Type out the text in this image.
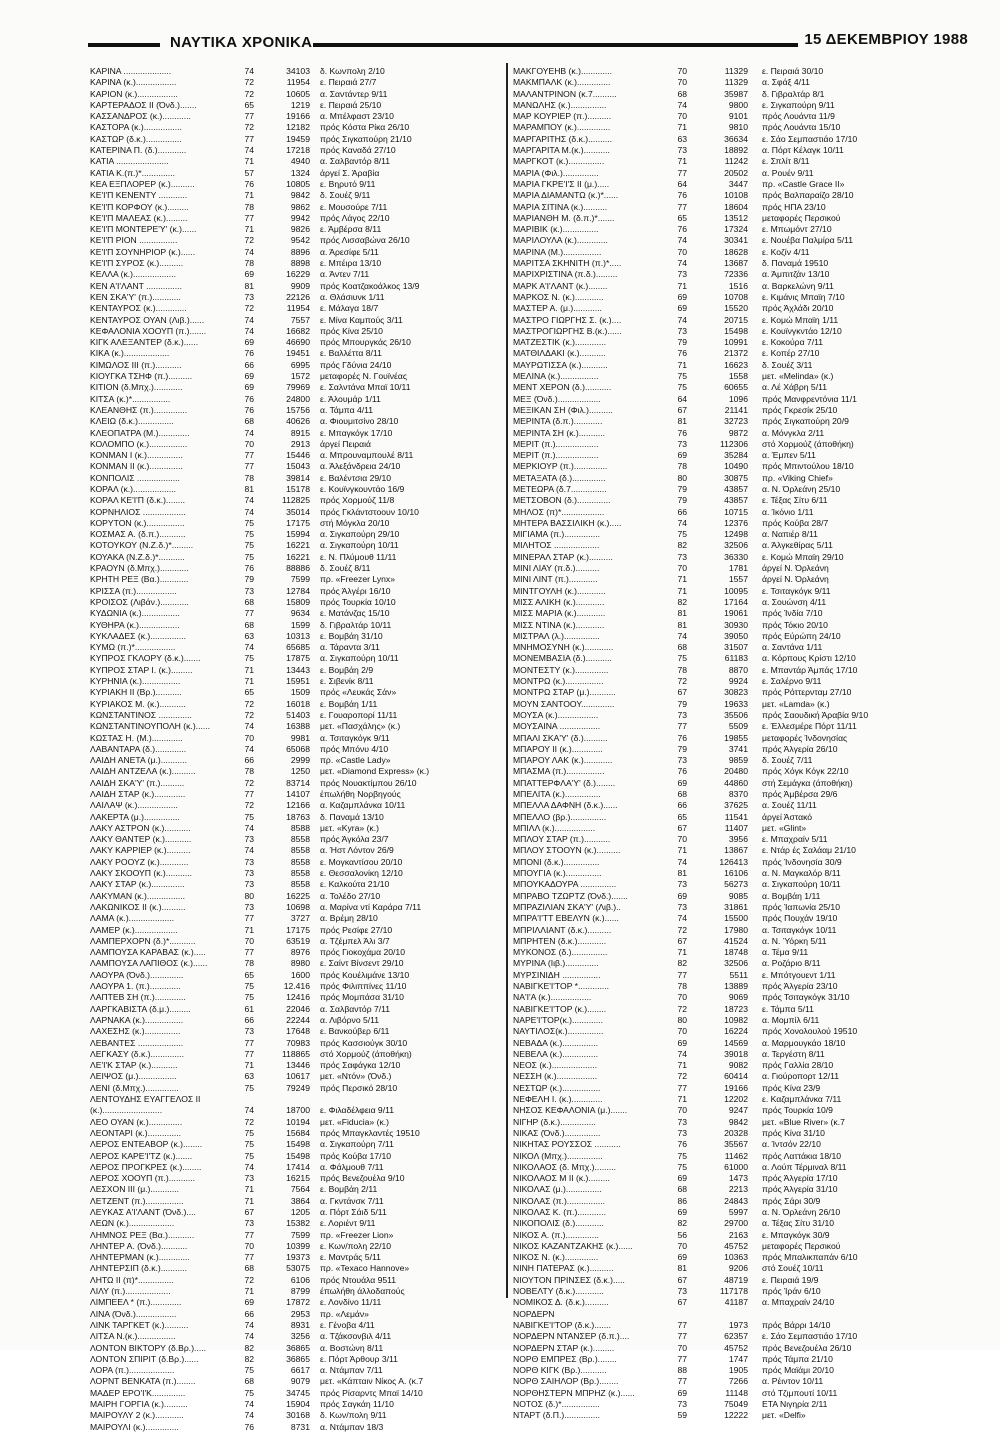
ΝΑΥΤΙΚΑ ΧΡΟΝΙΚΑ	15 ΔΕΚΕΜΒΡΙΟΥ 1988
ΚΑΡΙΝΑ ....................	74	34103 δ. Κωνπολη 2/10
ΚΑΡΙΝΑ (κ.).................	72	11954 ε. Πειραιά 27/7
ΚΑΡΙΟΝ (κ.).................	72	10605 α. Σαντάντερ 9/11
ΚΑΡΤΕΡΑΔΟΣ ΙΙ (Όνδ.).......	65	1219 ε. Πειραιά 25/10
ΚΑΣΣΑΝΔΡΟΣ (κ.)............	77	19166 α. Μπέλφαστ 23/10
ΚΑΣΤΟΡΑ (κ.)................	72	12182 πρός Κόστα Ρίκα 26/10
ΚΑΣΤΩΡ (δ.κ.)...............	77	19459 πρός Σιγκαπούρη 21/10
ΚΑΤΕΡΙΝΑ Π. (δ.)............	74	17218 πρός Καναδά 27/10
ΚΑΤΙΑ ......................	71	4940 α. Σαλβαντόρ 8/11
ΚΑΤΙΑ Κ.(π.)*..............	57	1324 άργεί Σ. Άραβία
ΚΕΑ ΕΞΠΛΟΡΕΡ (κ.)..........	76	10805 ε. Βηρυτό 9/11
ΚΕ'Ι'Π ΚΕΝΕΝΤΥ ............	71	9842 δ. Σουέζ 9/11
ΚΕ'Ι'Π ΚΟΡΦΟΥ (κ.).........	78	9862 ε. Μουσούρε 7/11
ΚΕ'Ι'Π ΜΑΛΕΑΣ (κ.).........	77	9942 πρός Λάγος 22/10
ΚΕ'Ι'Π ΜΟΝΤΕΡΕ'Υ' (κ.)......	71	9826 ε. Άμβέρσα 8/11
ΚΕ'Ι'Π ΡΙΟΝ ................	72	9542 πρός Λισσαβώνα 26/10
ΚΕ'Ι'Π ΣΟΥΝΗΡΙΟΡ (κ.)......	74	8896 α. Άρεσίφε 5/11
ΚΕ'Ι'Π ΣΥΡΟΣ (κ.)..........	78	8898 ε. Μπέιρα 13/10
ΚΕΛΛΑ (κ.)..................	69	16229 α. Άντεν 7/11
ΚΕΝ Α'Ι'ΛΑΝΤ ...............	81	9909 πρός Κοατζακοάλκος 13/9
ΚΕΝ ΣΚΑ'Υ' (π.)............	73	22126 α. Θλάσιυνκ 1/11
ΚΕΝΤΑΥΡΟΣ (κ.).............	72	11954 ε. Μάλαγα 18/7
ΚΕΝΤΑΥΡΟΣ ΟΥΑΝ (Λιβ.)......	74	7557 ε. Μίνα Καμπούς 3/11
ΚΕΦΑΛΟΝΙΑ ΧΟΟΥΠ (π.).......	74	16682 πρός Κίνα 25/10
ΚΙΓΚ ΑΛΕΞΑΝΤΕΡ (δ.κ.)......	69	46690 πρός Μπουργκάς 26/10
ΚΙΚΑ (κ.)...................	76	19451 ε. Βαλλέττα 8/11
ΚΙΜΩΛΟΣ ΙΙΙ (π.)...........	66	6995 πρός Γδύνια 24/10
ΚΙΟΥΓΚΑ ΤΣΗΦ (π.)..........	69	1572 μεταφορές Ν. Γουϊνέας
ΚΙΤΙΟΝ (δ.Μπχ.)............	69	79969 ε. Σαλντάνα Μπαϊ 10/11
ΚΙΤΣΑ (κ.)*................	76	24800 ε. Άλουμάρ 1/11
ΚΛΕΑΝΘΗΣ (π.)..............	76	15756 α. Τάμπα 4/11
ΚΛΕΙΩ (δ.κ.)...............	68	40626 α. Φιουμιτσίνο 28/10
ΚΛΕΟΠΑΤΡΑ (Μ.).............	74	8915 ε. Μπαγκόγκ 17/10
ΚΟΛΟΜΠΟ (κ.)................	70	2913 άργεί Πειραιά
ΚΟΝΜΑΝ Ι (κ.)...............	77	15446 α. Μπρουναμπουλέ 8/11
ΚΟΝΜΑΝ ΙΙ (κ.)..............	77	15043 α. Άλεξάνδρεια 24/10
ΚΟΝΠΟΛΙΣ ..................	78	39814 ε. Βαλέντσια 29/10
ΚΟΡΑΛ (κ.)..................	81	15178 ε. Κουϊνγκουντάο 16/9
ΚΟΡΑΛ ΚΕ'Ι'Π (δ.κ.)........	74	112825 πρός Χορμούζ 11/8
ΚΟΡΝΗΛΙΟΣ ..................	74	35014 πρός Γκλάντστοουν 10/10
ΚΟΡΥΤΟΝ (κ.)................	75	17175 στή Μόγκλα 20/10
ΚΟΣΜΑΣ Α. (δ.π.)...........	75	15994 α. Σιγκαπούρη 29/10
ΚΟΤΟΥΚΟΥ (Ν.Ζ.δ.)*.........	75	16221 α. Σιγκαπούρη 10/11
ΚΟΥΑΚΑ (Ν.Ζ.δ.)*...........	75	16221 ε. Ν. Πλύμουθ 11/11
ΚΡΑΟΥΝ (δ.Μπχ.)............	76	88886 δ. Σουέζ 8/11
ΚΡΗΤΗ ΡΕΞ (Βα.)............	79	7599 πρ. «Freezer Lynx»
ΚΡΙΣΣΑ (π.).................	73	12784 πρός Άλγέρι 16/10
ΚΡΟΙΣΟΣ (Λιβάν.)............	68	15809 πρός Τουρκία 10/10
ΚΥΔΩΝΙΑ (κ.)................	77	9634 ε. Ματάνζας 15/10
ΚΥΘΗΡΑ (κ.).................	68	1599 δ. Γιβραλτάρ 10/11
ΚΥΚΛΑΔΕΣ (κ.)...............	63	10313 ε. Βομβάη 31/10
ΚΥΜΩ (π.)*.................	74	65685 α. Τάραντα 3/11
ΚΥΠΡΟΣ ΓΚΛΟΡΥ (δ.κ.).......	75	17875 α. Σιγκαπούρη 10/11
ΚΥΠΡΟΣ ΣΤΑΡ Ι. (κ.).........	71	13443 ε. Βομβάη 2/9
ΚΥΡΗΝΙΑ (κ.)................	71	15951 ε. Σιβενίκ 8/11
ΚΥΡΙΑΚΗ ΙΙ (Βρ.)...........	65	1509 πρός «Λευκάς Σάν»
ΚΥΡΙΑΚΟΣ Μ. (κ.)...........	72	16018 ε. Βομβάη 1/11
ΚΩΝΣΤΑΝΤΙΝΟΣ ..............	72	51403 ε. Γουαροπορί 11/11
ΚΩΝΣΤΑΝΤΙΝΟΥΠΟΛΗ (κ.)......	74	16388 μετ. «Πασχάλης» (κ.)
ΚΩΣΤΑΣ Η. (Μ.).............	70	9981 α. Τσιταγκόγκ 9/11
ΛΑΒΑΝΤΑΡΑ (δ.).............	74	65068 πρός Μπόνυ 4/10
ΛΑΙΔΗ ΑΝΕΤΑ (μ.)...........	66	2999 πρ. «Castle Lady»
ΛΑΙΔΗ ΑΝΤΖΕΛΑ (κ.)..........	78	1250 μετ. «Diamond Express» (κ.)
ΛΑΙΔΗ ΣΚΑ'Υ' (π.)..........	72	83714 πρός Νουακτίμπου 26/10
ΛΑΙΔΗ ΣΤΑΡ (κ.).............	77	14107 έπωλήθη Νορβηγούς
ΛΑΙΛΑΨ (κ.).................	72	12166 α. Καζαμπλάνκα 10/11
ΛΑΚΕΡΤΑ (μ.)...............	75	18763 δ. Παναμά 13/10
ΛΑΚΥ ΑΣΤΡΟΝ (κ.)...........	74	8588 μετ. «Κyra» (κ.)
ΛΑΚΥ ΘΑΝΤΕΡ (κ.)...........	73	8558 πρός Άγκόλα 23/7
ΛΑΚΥ ΚΑΡΡΙΕΡ (κ.)..........	74	8558 α. Ήστ Λόντον 26/9
ΛΑΚΥ ΡΟΟΥΖ (κ.)............	73	8558 ε. Μογκαντίσου 20/10
ΛΑΚΥ ΣΚΟΟΥΠ (κ.)...........	73	8558 ε. Θεσσαλονίκη 12/10
ΛΑΚΥ ΣΤΑΡ (κ.)..............	73	8558 ε. Καλκούτα 21/10
ΛΑΚΥΜΑΝ (κ.)................	80	16225 α. Τολέδο 27/10
ΛΑΚΩΝΙΚΟΣ ΙΙ (κ.)..........	73	10698 α. Μαρίνα ντί Καράρα 7/11
ΛΑΜΑ (κ.)...................	77	3727 α. Βρέμη 28/10
ΛΑΜΕΡ (κ.)..................	71	17175 πρός Ρεσίφε 27/10
ΛΑΜΠΕΡΧΟΡΝ (δ.)*...........	70	63519 α. Τζέμπελ Άλι 3/7
ΛΑΜΠΟΥΣΑ ΚΑΡΑΒΑΣ (κ.).....	77	8976 πρός Γιοκοχάμα 20/10
ΛΑΜΠΟΥΣΑ ΛΑΠΙΘΟΣ (κ.)......	78	8980 ε. Σαίντ Βίνσεντ 29/10
ΛΑΟΥΡΑ (Όνδ.)..............	65	1600 πρός Κουέλιμάνε 13/10
ΛΑΟΥΡΑ 1. (π.).............	75	12.416 πρός Φιλιππίνες 11/10
ΛΑΠΤΕΒ ΣΗ (π.).............	75	12416 πρός Μομπάσα 31/10
ΛΑΡΓΚΑΒΙΣΤΑ (δ.μ.).........	61	22046 α. Σαλβαντόρ 7/11
ΛΑΡΝΑΚΑ (κ.)................	66	22244 α. Λιβόρνο 5/11
ΛΑΧΕΣΗΣ (κ.)...............	73	17648 ε. Βανκούβερ 6/11
ΛΕΒΑΝΤΕΣ ...................	77	70983 πρός Κασσιούγκ 30/10
ΛΕΓΚΑΣΥ (δ.κ.)..............	77	118865 στό Χορμούζ (άποθήκη)
ΛΕ'Ι'Κ ΣΤΑΡ (κ.)...........	71	13446 πρός Σαφάγκα 12/10
ΛΕΙΨΟΣ (μ.)................	63	10617 μετ. «Ντόν» (Όνδ.)
ΛΕΝΙ (δ.Μπχ.)..............	75	79249 πρός Περσικό 28/10
ΛΕΝΤΟΥΔΗΣ ΕΥΑΓΓΕΛΟΣ ΙΙ
(κ.).........................	74	18700 ε. Φιλαδέλφεια 9/11
ΛΕΟ ΟΥΑΝ (κ.)..............	72	10194 μετ. «Fiducia» (κ.)
ΛΕΟΝΤΑΡΙ (κ.)..............	75	15684 πρός Μπαγκλαντές 19510
ΛΕΡΟΣ ΕΝΤΕΑΒΟΡ (κ.)........	75	15498 α. Σιγκαπούρη 7/11
ΛΕΡΟΣ ΚΑΡΕ'Ι'ΤΖ (κ.).......	75	15498 πρός Κούβα 17/10
ΛΕΡΟΣ ΠΡΟΓΚΡΕΣ (κ.)........	74	17414 α. Φάλμουθ 7/11
ΛΕΡΟΣ ΧΟΟΥΠ (π.)...........	73	16215 πρός Βενεζουέλα 9/10
ΛΕΣΧΟΝ ΙΙΙ (μ.)............	71	7564 ε. Βομβάη 2/11
ΛΕΤΖΕΝΤ (π.)................	71	3864 α. Γκντάνσκ 7/11
ΛΕΥΚΑΣ Α'Ι'ΛΑΝΤ (Όνδ.)....	67	1205 α. Πόρτ Σάιδ 5/11
ΛΕΩΝ (κ.)...................	73	15382 ε. Λοριέντ 9/11
ΛΗΜΝΟΣ ΡΕΞ (Βα.)...........	77	7599 πρ. «Freezer Lion»
ΛΗΝΤΕΡ Α. (Όνδ.)...........	70	10399 ε. Κων/πολη 22/10
ΛΗΝΤΕΡΜΑΝ (κ.).............	77	19373 ε. Μαντράς 5/11
ΛΗΝΤΕΡΣΙΠ (δ.κ.)...........	68	53075 πρ. «Texaco Hannove»
ΛΗΤΩ ΙΙ (π)*...............	72	6106 πρός Ντουάλα 9511
ΛΙΛΥ (π.)...................	71	8799 έπωλήθη άλλοδαπούς
ΛΙΜΠΕΕΛ * (π.).............	69	17872 ε. Λονδίνο 11/11
ΛΙΝΑ (Όνδ.).................	66	2953 πρ. «Λεμάν»
ΛΙΝΚ ΤΑΡΓΚΕΤ (κ.)..........	74	8931 ε. Γένοβα 4/11
ΛΙΤΣΑ Ν.(κ.)................	74	3256 α. Τζάκσονβιλ 4/11
ΛΟΝΤΟΝ ΒΙΚΤΟΡΥ (δ.Βρ.).....	82	36865 α. Βοστώνη 8/11
ΛΟΝΤΟΝ ΣΠΙΡΙΤ (δ.Βρ.)......	82	36865 ε. Πόρτ Άρθουρ 3/11
ΛΟΡΑ (π.)...................	75	6617 α. Ντάμπαν 7/11
ΛΟΡΝΤ ΒΕΝΚΑΤΑ (π.)........	68	9079 μετ. «Κάπταιν Νίκος Α. (κ.7
ΜΑΔΕΡ ΕΡΟ'Ι'Κ..............	75	34745 πρός Ρίσαρντς Μπαϊ 14/10
ΜΑΙΡΗ ΓΟΡΓΙΑ (κ.)..........	74	15904 πρός Σαγκάη 11/10
ΜΑΙΡΟΥΛΥ 2 (κ.)............	74	30168 δ. Κων/πολη 9/11
ΜΑΙΡΟΥΛΙ (κ.)..............	76	8731 α. Ντάμπαν 18/3
ΜΑΚΓΟΥΕΗΒ (κ.).............	70	11329 ε. Πειραιά 30/10
ΜΑΚΜΠΑΛΚ (κ.)..............	70	11329 α. Σφάξ 4/11
ΜΑΛΑΝΤΡΙΝΟΝ (κ.7..........	68	35987 δ. Γιβραλτάρ 8/1
ΜΑΝΩΛΗΣ (κ.)...............	74	9800 ε. Σιγκαπούρη 9/11
ΜΑΡ ΚΟΥΡΙΕΡ (π.)..........	70	9101 πρός Λουάντα 11/9
ΜΑΡΑΜΠΟΥ (κ.)..............	71	9810 πρός Λουάντα 15/10
ΜΑΡΓΑΡΙΤΗΣ (δ.κ.)..........	63	36634 ε. Σάο Σεμπαστιάο 17/10
ΜΑΡΓΑΡΙΤΑ Μ.(κ.)...........	73	18892 α. Πόρτ Κέλαγκ 10/11
ΜΑΡΓΚΟΤ (κ.)...............	71	11242 ε. Σπλίτ 8/11
ΜΑΡΙΑ (Φιλ.)...............	77	20502 α. Ρουέν 9/11
ΜΑΡΙΑ ΓΚΡΕ'Ι'Σ ΙΙ (μ.).....	64	3447 πρ. «Castle Grace II»
ΜΑΡΙΑ ΔΙΑΜΑΝΤΩ (κ.)*......	76	10108 πρός Βαλπαραίζο 28/10
ΜΑΡΙΑ ΣΙΤΙΝΑ (κ.)..........	77	18604 πρός ΗΠΑ 23/10
ΜΑΡΙΑΝΘΗ Μ. (δ.π.)*.......	65	13512 μεταφορές Περσικού
ΜΑΡΙΒΙΚ (κ.)...............	76	17324 ε. Μπωμόντ 27/10
ΜΑΡΙΛΟΥΛΑ (κ.).............	74	30341 ε. Νουέβα Παλμίρα 5/11
ΜΑΡΙΝΑ (Μ.)................	70	18628 ε. Κοζίν 4/11
ΜΑΡΙΤΣΑ ΣΚΗΝΙΤΗ (π.)*.....	74	13687 δ. Παναμά 19510
ΜΑΡΙΧΡΙΣΤΙΝΑ (π.δ.).........	73	72336 α. Άμπιτζάν 13/10
ΜΑΡΚ Α'Ι'ΛΑΝΤ (κ.)........	71	1516 α. Βαρκελώνη 9/11
ΜΑΡΚΟΣ Ν. (κ.)............	69	10708 ε. Κιμάνις Μπαϊη 7/10
ΜΑΣΤΕΡ Α. (μ.)............	69	15520 πρός Άχλάδι 20/10
ΜΑΣΤΡΟ ΓΙΩΡΓΗΣ Σ. (κ.)....	74	20715 ε. Κομώ Μπαϊη 1/11
ΜΑΣΤΡΟΓΙΩΡΓΗΣ Β.(κ.)......	73	15498 ε. Κουϊνγκντάο 12/10
ΜΑΤΖΕΣΤΙΚ (κ.).............	79	10991 ε. Κοκούρα 7/11
ΜΑΤΘΙΛΔΑΚΙ (κ.)...........	76	21372 ε. Κοπέρ 27/10
ΜΑΥΡΩΤΙΣΣΑ (κ.)...........	71	16623 δ. Σουέζ 3/11
ΜΕΛΙΝΑ (κ.)................	75	1558 μετ. «Melinda» (κ.)
ΜΕΝΤ ΧΕΡΟΝ (δ.)...........	75	60655 α. Λέ Χάβρη 5/11
ΜΕΞ (Όνδ.)..................	64	1096 πρός Μανφρεντόνια 11/1
ΜΕΞΙΚΑΝ ΣΗ (Φιλ.)..........	67	21141 πρός Γκρεσίκ 25/10
ΜΕΡΙΝΤΑ (δ.π.)............	81	32723 πρός Σιγκαπούρη 20/9
ΜΕΡΙΝΤΑ ΣΗ (κ.)...........	76	9872 α. Μόνγκλα 2/11
ΜΕΡΙΤ (π.)..................	73	112306 στό Χορμούζ (άποθήκη)
ΜΕΡΙΤ (π.)..................	69	35284 α. Έμπεν 5/11
ΜΕΡΚΙΟΥΡ (π.)..............	78	10490 πρός Μπιντούλου 18/10
ΜΕΤΑΞΑΤΑ (δ.)..............	80	30875 πρ. «Viking Chief»
ΜΕΤΕΩΡΑ (δ.7...............	79	43857 α. Ν. Όρλεάνη 25/10
ΜΕΤΣΟΒΟΝ (δ.)..............	79	43857 ε. Τέξας Σίτυ 6/11
ΜΗΛΟΣ (π)*..................	66	10715 α. Ίκόνιο 1/11
ΜΗΤΕΡΑ ΒΑΣΣΙΛΙΚΗ (κ.).....	74	12376 πρός Κούβα 28/7
ΜΙΓΙΑΜΑ (π.)...............	75	12498 α. Ναπιέρ 8/11
ΜΙΛΗΤΟΣ ...................	82	32506 α. Άλγκεθίρας 5/11
ΜΙΝΕΡΑΛ ΣΤΑΡ (κ.)..........	73	36330 ε. Κομώ Μπαϊη 29/10
ΜΙΝΙ ΛΙΑΥ (π.δ.)..........	70	1781 άργεί Ν. Όρλεάνη
ΜΙΝΙ ΛΙΝΤ (π.)............	71	1557 άργεί Ν. Όρλεάνη
ΜΙΝΤΓΟΥΛΗ (κ.)............	71	10095 ε. Τσιταγκόγκ 9/11
ΜΙΣΣ ΑΛΙΚΗ (κ.)............	82	17164 α. Σουώνση 4/11
ΜΙΣΣ ΜΑΡΙΑ (κ.)............	81	19061 πρός Ίνδία 7/10
ΜΙΣΣ ΝΤΙΝΑ (κ.)............	81	30930 πρός Τόκιο 20/10
ΜΙΣΤΡΑΛ (λ.)...............	74	39050 πρός Εύρώπη 24/10
ΜΝΗΜΟΣΥΝΗ (κ.)............	68	31507 α. Σαντάνα 1/11
ΜΟΝΕΜΒΑΣΙΑ (δ.)...........	75	61183 α. Κόρπους Κρίστι 12/10
ΜΟΝΤΕΣΤΥ (κ.)..............	78	8870 ε. Μπαντάρ Άμπάς 17/10
ΜΟΝΤΡΩ (κ.)................	72	9924 ε. Σαλέρνο 9/11
ΜΟΝΤΡΩ ΣΤΑΡ (μ.)...........	67	30823 πρός Ρόττερνταμ 27/10
ΜΟΥΝ ΣΑΝΤΟΟΥ..............	79	19633 μετ. «Lamda» (κ.)
ΜΟΥΣΑ (κ.).................	73	35506 πρός Σαουδική Άραβία 9/10
ΜΟΥΣΑΙΝΑ .................	77	5509 ε. Έλλεσμέρε Πόρτ 11/11
ΜΠΑΛΙ ΣΚΑ'Υ' (δ.)..........	76	19855 μεταφορές Ίνδονησίας
ΜΠΑΡΟΥ ΙΙ (κ.).............	79	3741 πρός Άλγερία 26/10
ΜΠΑΡΟΥ ΛΑΚ (κ.)............	73	9859 δ. Σουέζ 7/11
ΜΠΑΣΜΑ (π.)................	76	20480 πρός Χόγκ Κόγκ 22/10
ΜΠΑΤΤΕΡΦΛΑ'Υ' (δ.)........	69	44860 στή Σεμάγκα (άποθήκη)
ΜΠΕΛΙΤΑ (κ.)...............	68	8370 πρός Άμβέρσα 29/6
ΜΠΕΛΛΑ ΔΑΦΝΗ (δ.κ.)......	66	37625 α. Σουέζ 11/11
ΜΠΕΛΛΟ (βρ.)...............	65	11541 άργεί Άστακό
ΜΠΙΛΛ (κ.).................	67	11407 μετ. «Glint»
ΜΠΛΟΥ ΣΤΑΡ (π.)...........	70	3956 ε. Μπαχραίν 5/11
ΜΠΛΟΥ ΣΤΟΟΥΝ (κ.)..........	71	13867 ε. Ντάρ ές Σαλάαμ 21/10
ΜΠΟΝΙ (δ.κ.)...............	74	126413 πρός Ίνδονησία 30/9
ΜΠΟΥΓΙΑ (κ.)...............	81	16106 α. Ν. Μαγκαλόρ 8/11
ΜΠΟΥΚΑΔΟΥΡΑ ...............	73	56273 α. Σιγκαπούρη 10/11
ΜΠΡΑΒΟ ΤΖΩΡΤΖ (Όνδ.).......	69	9085 α. Βομβάη 1/11
ΜΠΡΑΖΙΛΙΑΝ ΣΚΑ'Υ' (Λιβ.)..	73	31861 πρός Ίαπωνία 25/10
ΜΠΡΑ'Ι'ΤΤ ΕΒΕΛΥΝ (κ.)......	74	15500 πρός Πουχάν 19/10
ΜΠΡΙΛΛΙΑΝΤ (δ.κ.)..........	72	17980 α. Τσιταγκόγκ 10/11
ΜΠΡΗΤΕΝ (δ.κ.)............	67	41524 α. Ν. Ύόρκη 5/11
ΜΥΚΟΝΟΣ (δ.)...............	71	18748 α. Τέμα 9/11
ΜΥΡΙΝΑ (Ιιβ.)..............	82	32506 α. Ροζάριο 8/11
ΜΥΡΣΙΝΙΔΗ ................	77	5511 ε. Μπότγουεντ 1/11
ΝΑΒΙΓΚΕ'Ι'ΤΟΡ *.............	78	13889 πρός Άλγερία 23/10
ΝΑ'Ι'Α (κ.).................	70	9069 πρός Τσιταγκόγκ 31/10
ΝΑΒΙΓΚΕ'Ι'ΤΟΡ (κ.)........	72	18723 ε. Τάμπα 5/11
ΝΑΡΕ'Ι'ΤΟΡ(κ.).............	80	10982 α. Μομπίλ 6/11
ΝΑΥΤΙΛΟΣ(κ.)...............	70	16224 πρός Χονολουλού 19510
ΝΕΒΑΔΑ (κ.)...............	69	14569 α. Μαρμουγκάο 18/10
ΝΕΒΕΛΑ (κ.)...............	74	39018 α. Τεργέστη 8/11
ΝΕΟΣ (κ.)...................	71	9082 πρός Γαλλία 28/10
ΝΕΣΣΗ (κ.).................	72	60414 α. Γιούροπορτ 12/11
ΝΕΣΤΩΡ (κ.)................	77	19166 πρός Κίνα 23/9
ΝΕΦΕΛΗ Ι. (κ.).............	71	12202 ε. Καζαμπλάνκα 7/11
ΝΗΣΟΣ ΚΕΦΑΛΟΝΙΑ (μ.).......	70	9247 πρός Τουρκία 10/9
ΝΙΓΗΡ (δ.κ.)...............	73	9842 μετ. «Blue River» (κ.7
ΝΙΚΑΣ (Όνδ.)...............	73	20328 πρός Κίνα 31/10
ΝΙΚΗΤΑΣ ΡΟΥΣΣΟΣ ...........	76	35567 α. Ίντσόν 22/10
ΝΙΚΟΛ (Μπχ.)...............	75	11462 πρός Λαττάκια 18/10
ΝΙΚΟΛΑΟΣ (δ. Μπχ.).........	75	61000 α. Λούπ Τέρμιναλ 8/11
ΝΙΚΟΛΑΟΣ Μ ΙΙ (κ.).........	69	1473 πρός Άλγερία 17/10
ΝΙΚΟΛΑΣ (μ.)...............	68	2213 πρός Άλγερία 31/10
ΝΙΚΟΛΑΣ (π.)................	86	24843 πρός Σάρι 30/9
ΝΙΚΟΛΑΣ Κ. (π.)............	69	5997 α. Ν. Όρλεάνη 26/10
ΝΙΚΟΠΟΛΙΣ (δ.)............	82	29700 α. Τέξας Σίτυ 31/10
ΝΙΚΟΣ Α. (π.)..............	56	2163 ε. Μπαγκόγκ 30/9
ΝΙΚΟΣ ΚΑΖΑΝΤΖΑΚΗΣ (κ.)......	70	45752 μεταφορές Περσικού
ΝΙΚΟΣ Ν. (κ.)..............	69	10363 πρός Μπαλικπαπάν 6/10
ΝΙΝΗ ΠΑΤΕΡΑΣ (κ.)..........	81	9206 στό Σουέζ 10/11
ΝΙΟΥΤΟΝ ΠΡΙΝΣΕΣ (δ.κ.).....	67	48719 ε. Πειραιά 19/9
ΝΟΒΕΛΤΥ (δ.κ.)............	73	117178 πρός Ίράν 6/10
ΝΟΜΙΚΟΣ Δ. (δ.κ.)..........	67	41187 α. Μπαχραίν 24/10
ΝΟΡΔΕΡΝ
ΝΑΒΙΓΚΕ'Ι'ΤΟΡ (δ.κ.).......	77	1973 πρός Βάρρι 14/10
ΝΟΡΔΕΡΝ ΝΤΑΝΣΕΡ (δ.π.)....	77	62357 ε. Σάο Σεμπαστιάο 17/10
ΝΟΡΔΕΡΝ ΣΤΑΡ (κ.).........	70	45752 πρός Βενεζουέλα 26/10
ΝΟΡΘ ΕΜΠΡΕΣ (Βρ.)........	77	1747 πρός Τάμπα 21/10
ΝΟΡΘ ΚΙΓΚ (Βρ.)...........	88	1905 πρός Μαϊάμι 20/10
ΝΟΡΘ ΣΑΙΗΛΟΡ (Βρ.)........	77	7266 α. Ρέιντον 10/11
ΝΟΡΘΗΣΤΕΡΝ ΜΠΡΗΖ (κ.)......	69	11148 στό Τζιμπουτί 10/11
ΝΟΤΟΣ (δ.)*................	73	75049 ΕΤΑ Νιγηρία 2/11
ΝΤΑΡΤ (δ.Π.)...............	59	12222 μετ. «Delfi»
